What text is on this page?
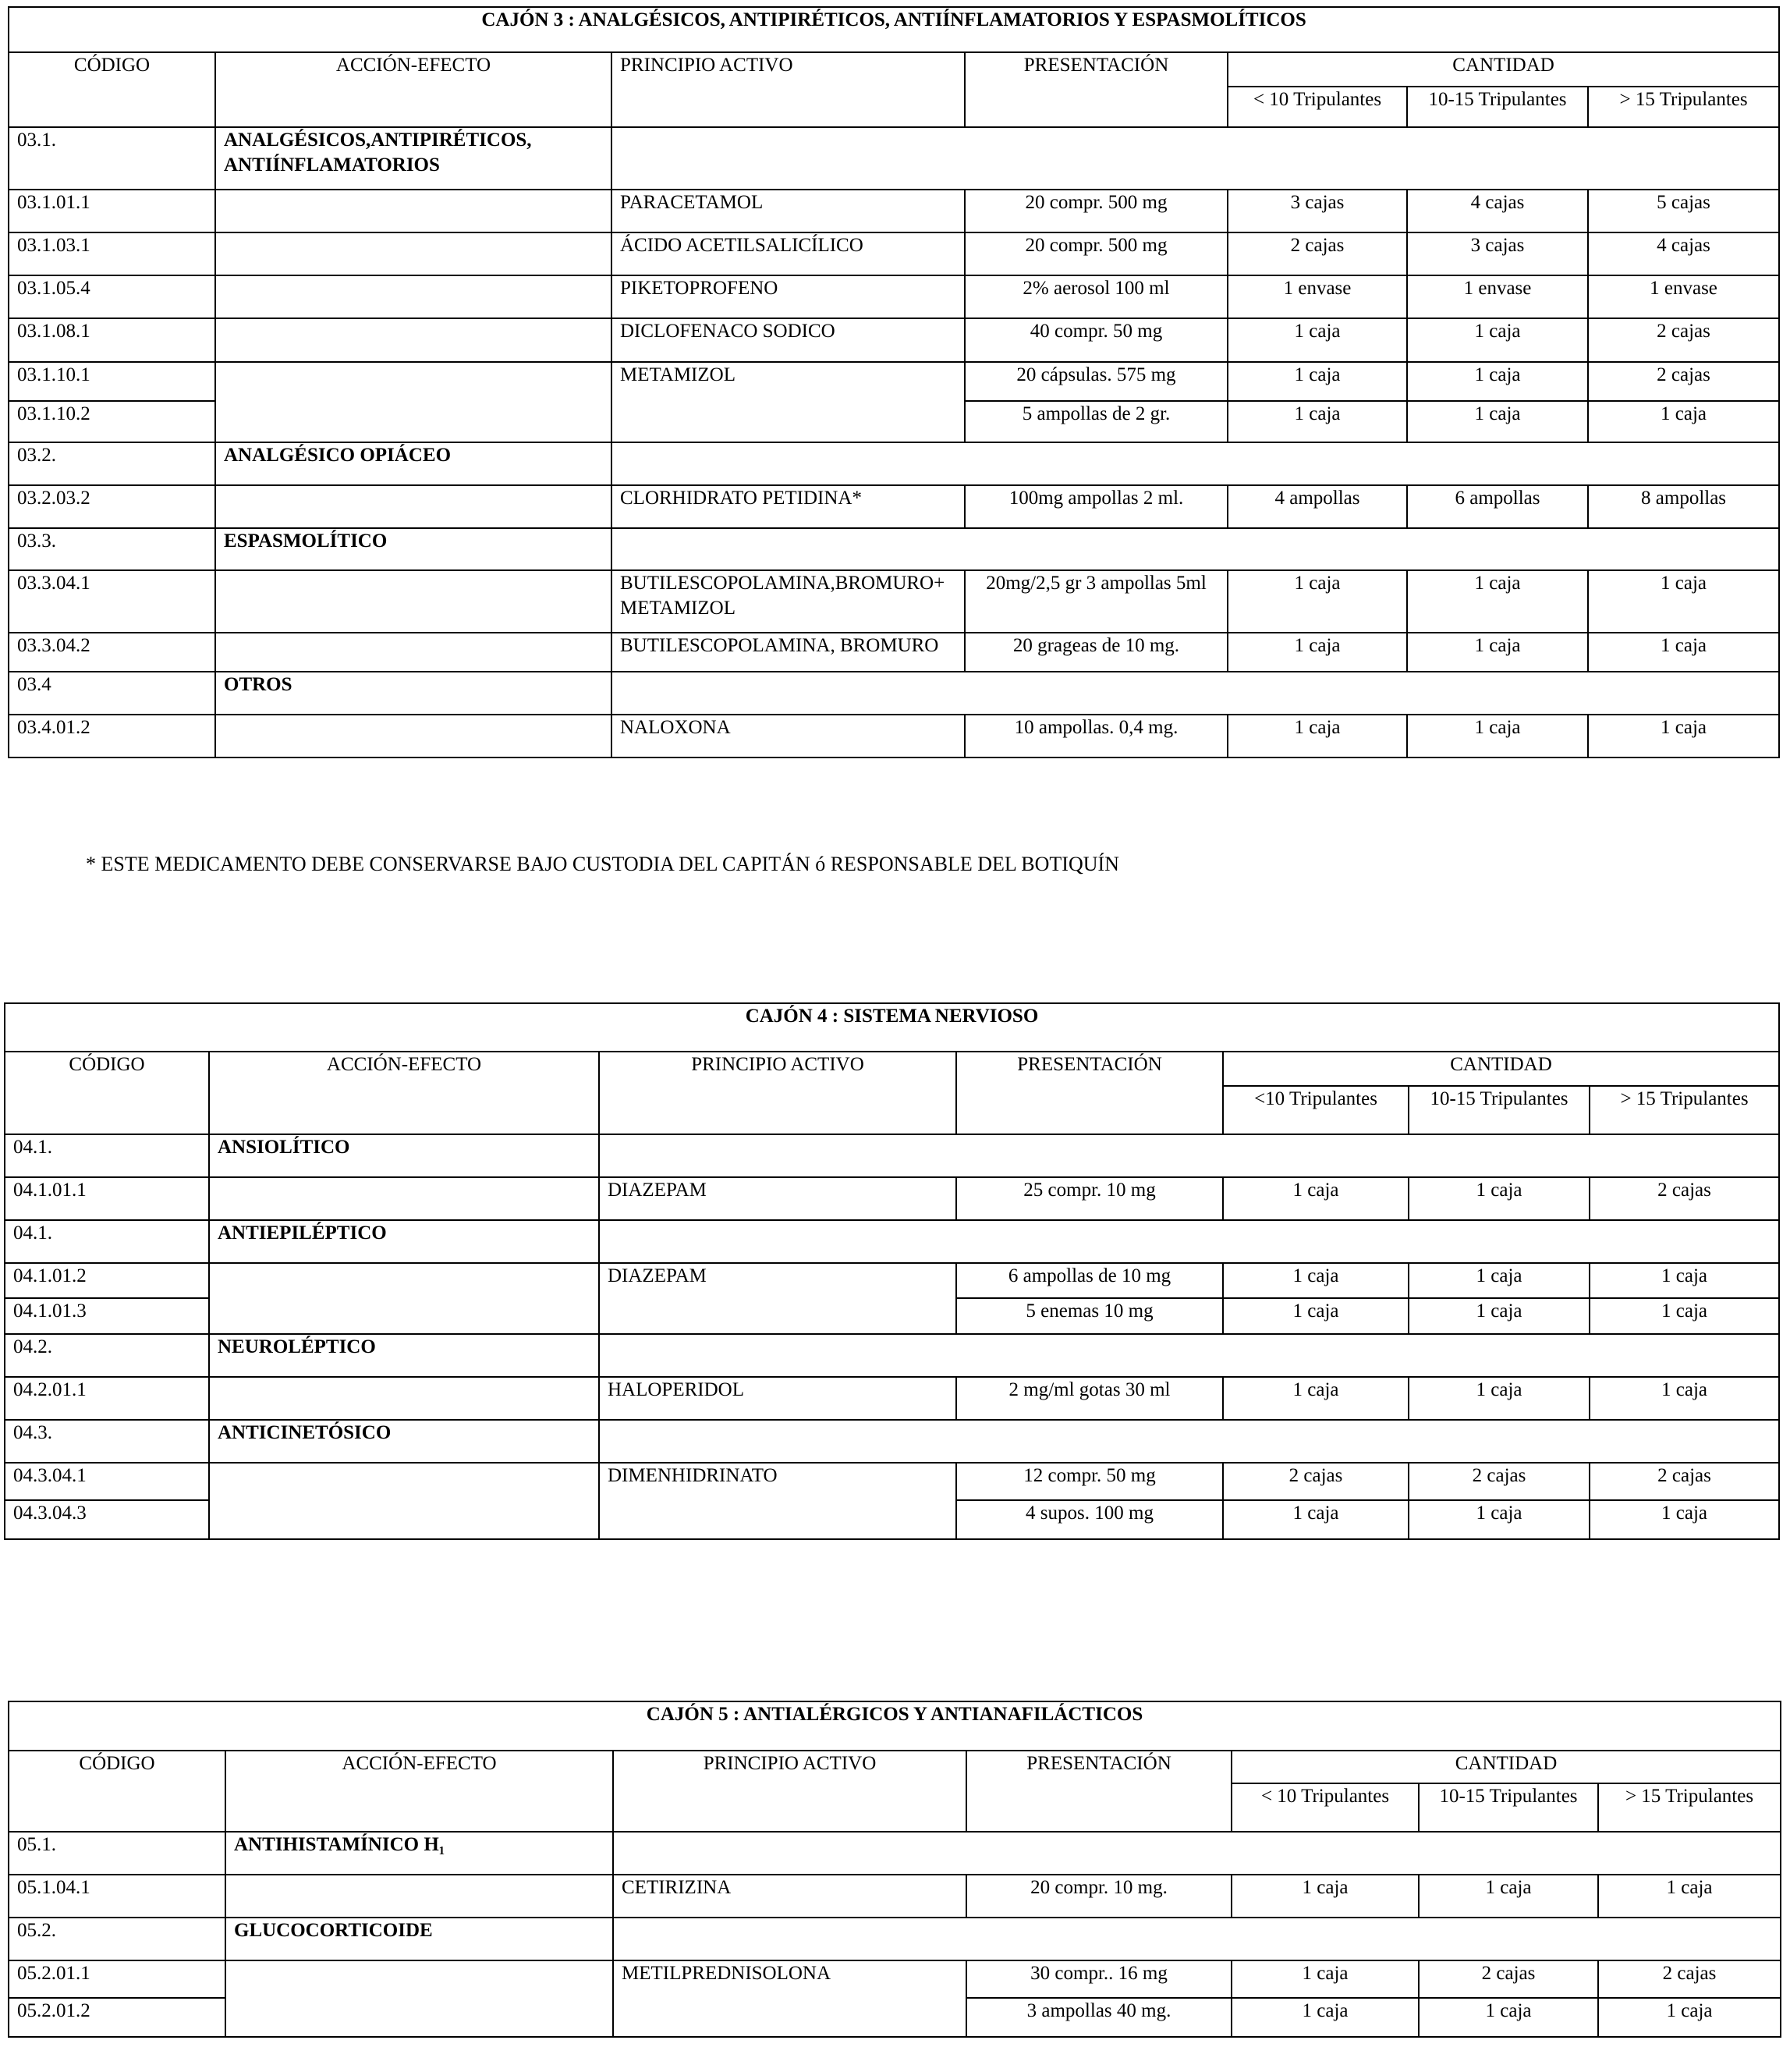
CAJÓN 3 : ANALGÉSICOS, ANTIPIRÉTICOS, ANTIÍNFLAMATORIOS Y ESPASMOLÍTICOS						
CÓDIGO	ACCIÓN-EFECTO	PRINCIPIO ACTIVO	PRESENTACIÓN	CANTIDAD		
				< 10 Tripulantes	10-15 Tripulantes	> 15 Tripulantes
03.1.	ANALGÉSICOS,ANTIPIRÉTICOS, ANTIÍNFLAMATORIOS					
03.1.01.1		PARACETAMOL	20 compr. 500 mg	3 cajas	4 cajas	5 cajas
03.1.03.1		ÁCIDO ACETILSALICÍLICO	20 compr. 500 mg	2 cajas	3 cajas	4 cajas
03.1.05.4		PIKETOPROFENO	2% aerosol 100 ml	1 envase	1 envase	1 envase
03.1.08.1		DICLOFENACO SODICO	40 compr. 50 mg	1 caja	1 caja	2 cajas
03.1.10.1		METAMIZOL	20 cápsulas. 575 mg	1 caja	1 caja	2 cajas
03.1.10.2			5 ampollas de 2 gr.	1 caja	1 caja	1 caja
03.2.	ANALGÉSICO OPIÁCEO					
03.2.03.2		CLORHIDRATO PETIDINA*	100mg ampollas 2 ml.	4 ampollas	6 ampollas	8 ampollas
03.3.	ESPASMOLÍTICO					
03.3.04.1		BUTILESCOPOLAMINA,BROMURO+METAMIZOL	20mg/2,5 gr 3 ampollas 5ml	1 caja	1 caja	1 caja
03.3.04.2		BUTILESCOPOLAMINA, BROMURO	20 grageas de 10 mg.	1 caja	1 caja	1 caja
03.4	OTROS					
03.4.01.2		NALOXONA	10 ampollas. 0,4 mg.	1 caja	1 caja	1 caja
* ESTE MEDICAMENTO DEBE CONSERVARSE BAJO CUSTODIA DEL CAPITÁN ó RESPONSABLE DEL BOTIQUÍN
CAJÓN 4 : SISTEMA NERVIOSO						
CÓDIGO	ACCIÓN-EFECTO	PRINCIPIO ACTIVO	PRESENTACIÓN	CANTIDAD		
				<10 Tripulantes	10-15 Tripulantes	> 15 Tripulantes
04.1.	ANSIOLÍTICO					
04.1.01.1		DIAZEPAM	25 compr. 10 mg	1 caja	1 caja	2 cajas
04.1.	ANTIEPILÉPTICO					
04.1.01.2		DIAZEPAM	6 ampollas de 10 mg	1 caja	1 caja	1 caja
04.1.01.3			5 enemas 10 mg	1 caja	1 caja	1 caja
04.2.	NEUROLÉPTICO					
04.2.01.1		HALOPERIDOL	2 mg/ml gotas 30 ml	1 caja	1 caja	1 caja
04.3.	ANTICINETÓSICO					
04.3.04.1		DIMENHIDRINATO	12 compr. 50 mg	2 cajas	2 cajas	2 cajas
04.3.04.3			4 supos. 100 mg	1 caja	1 caja	1 caja
CAJÓN 5 : ANTIALÉRGICOS Y ANTIANAFILÁCTICOS						
CÓDIGO	ACCIÓN-EFECTO	PRINCIPIO ACTIVO	PRESENTACIÓN	CANTIDAD		
				< 10 Tripulantes	10-15 Tripulantes	> 15 Tripulantes
05.1.	ANTIHISTAMÍNICO H₁					
05.1.04.1		CETIRIZINA	20 compr. 10 mg.	1 caja	1 caja	1 caja
05.2.	GLUCOCORTICOIDE					
05.2.01.1		METILPREDNISOLONA	30 compr.. 16 mg	1 caja	2 cajas	2 cajas
05.2.01.2			3 ampollas 40 mg.	1 caja	1 caja	1 caja
